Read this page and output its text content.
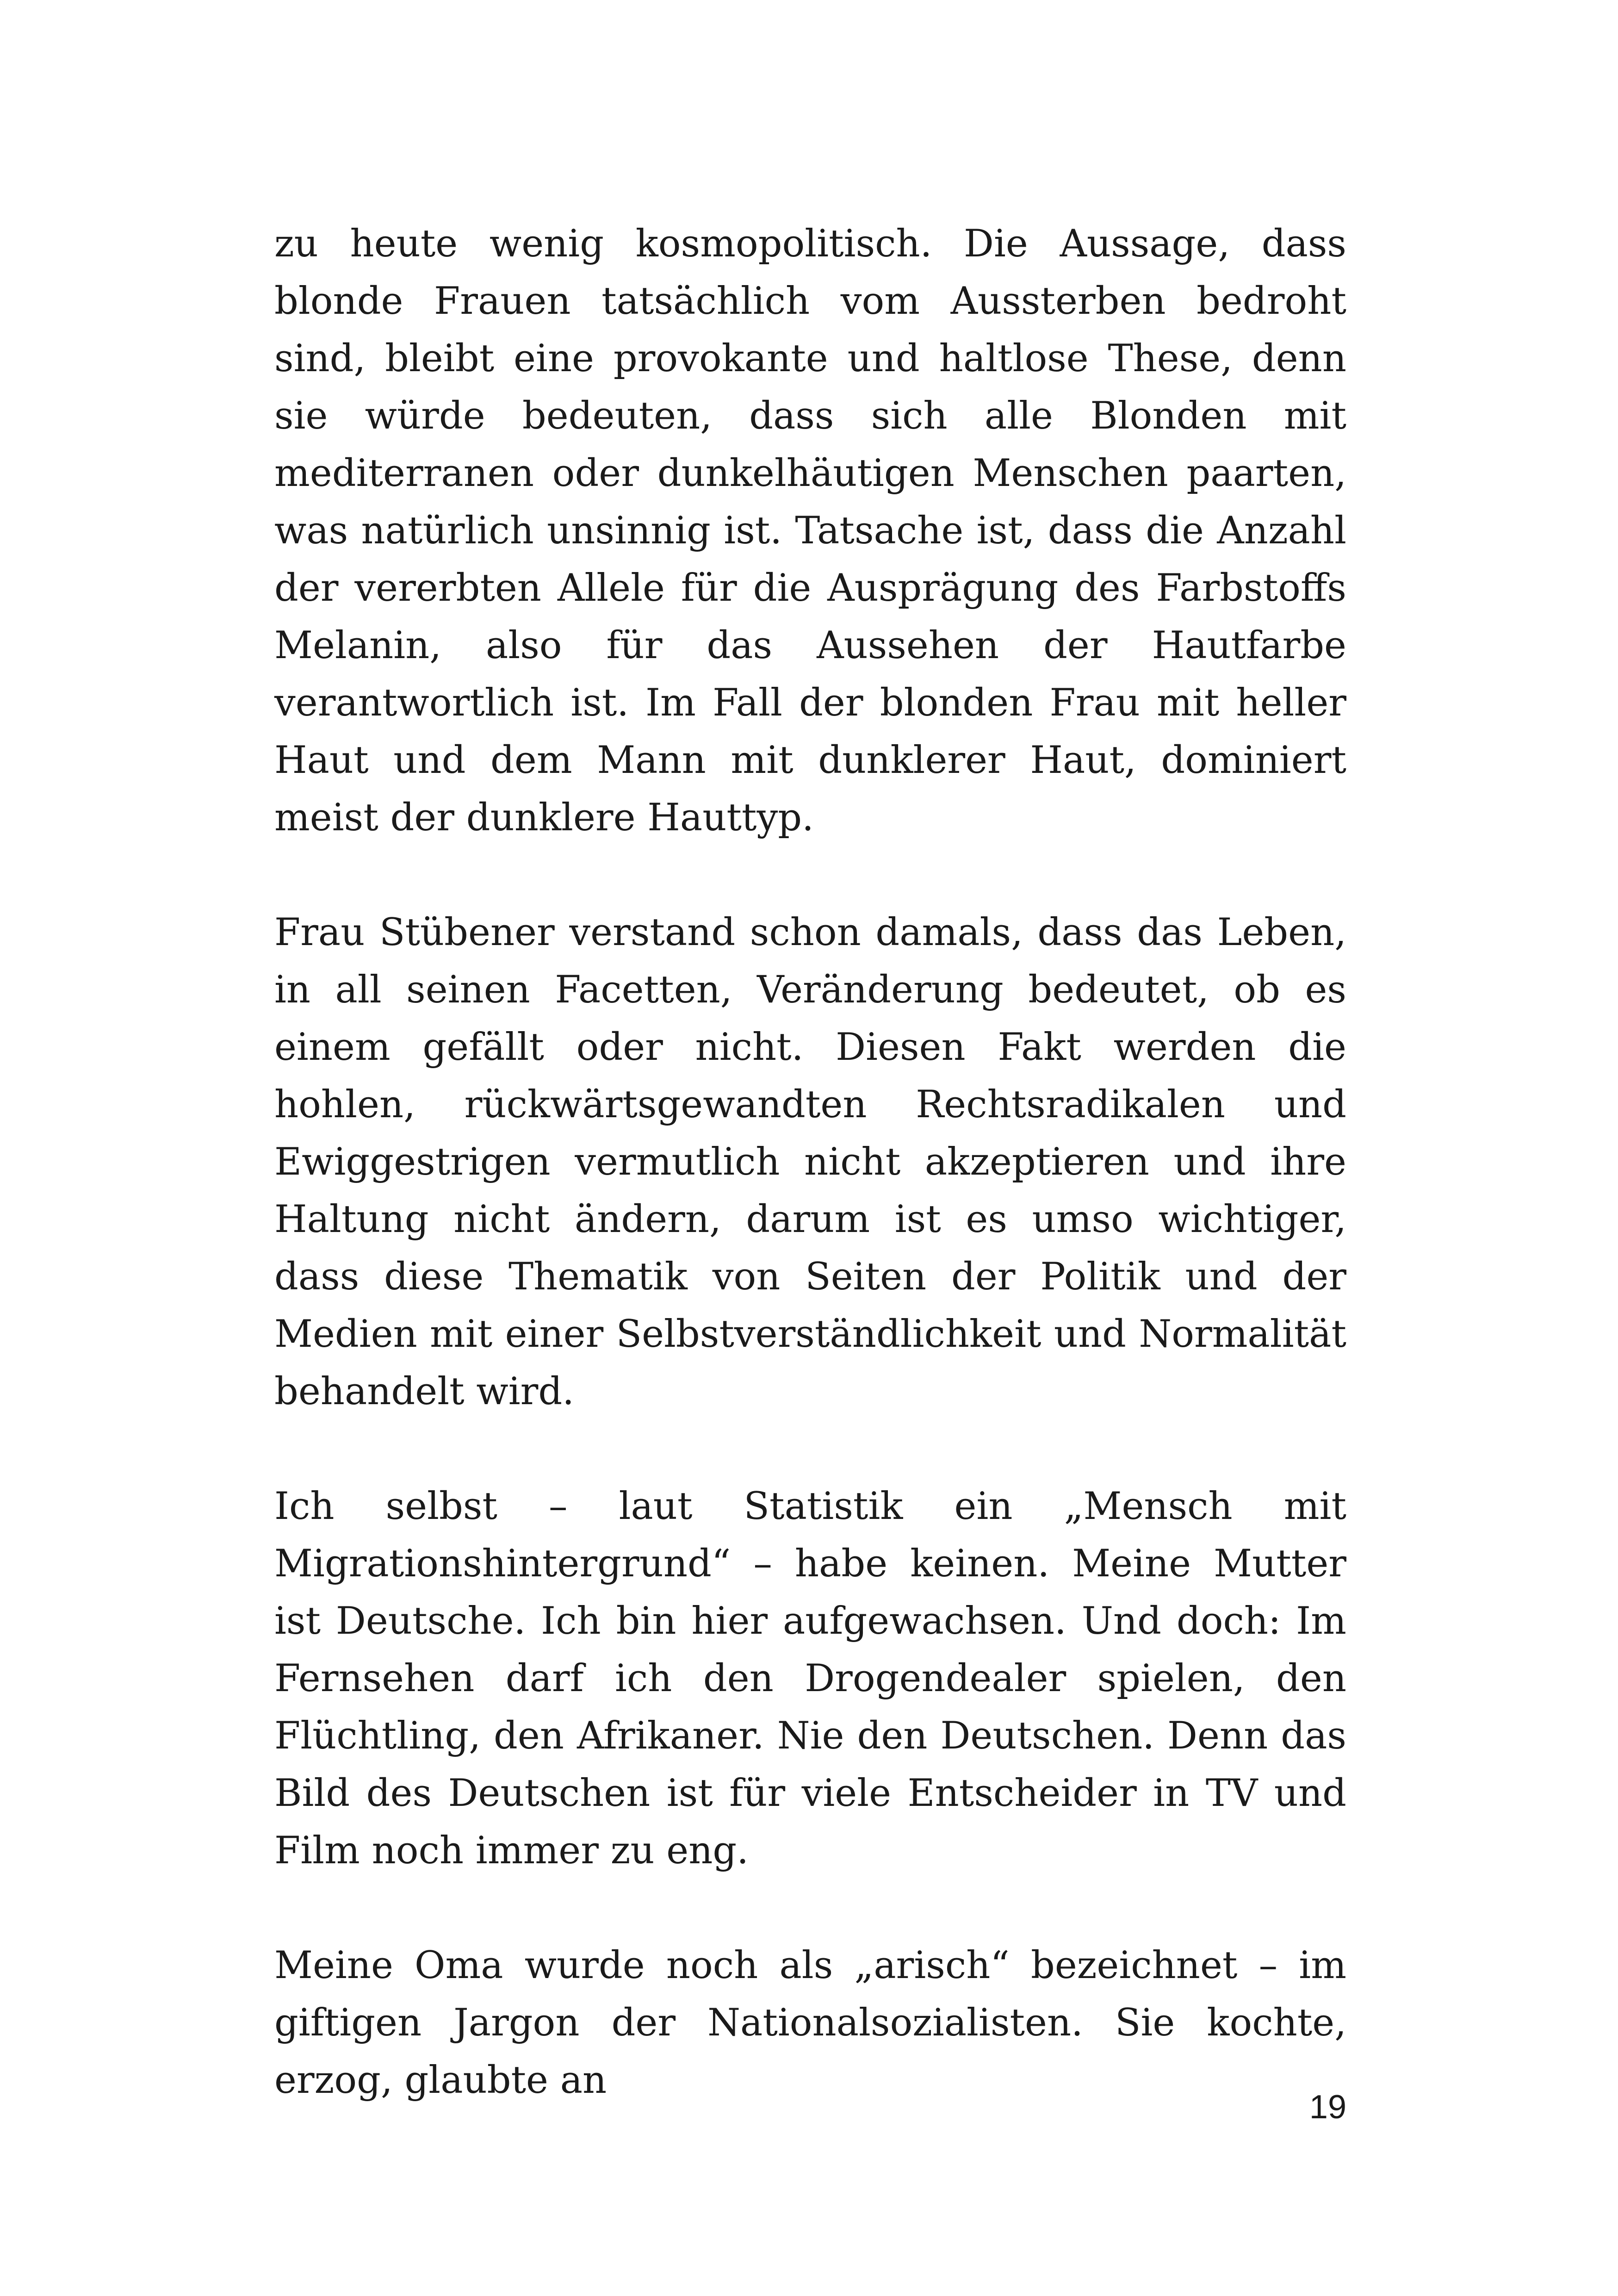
zu heute wenig kosmopolitisch. Die Aussage, dass blonde Frauen tatsächlich vom Aussterben bedroht sind, bleibt eine provokante und haltlose These, denn sie würde bedeuten, dass sich alle Blonden mit mediterranen oder dunkelhäutigen Menschen paarten, was natürlich unsinnig ist. Tatsache ist, dass die Anzahl der vererbten Allele für die Ausprägung des Farbstoffs Melanin, also für das Aussehen der Hautfarbe verantwortlich ist. Im Fall der blonden Frau mit heller Haut und dem Mann mit dunklerer Haut, dominiert meist der dunklere Hauttyp.

Frau Stübener verstand schon damals, dass das Leben, in all seinen Facetten, Veränderung bedeutet, ob es einem gefällt oder nicht. Diesen Fakt werden die hohlen, rückwärtsgewandten Rechtsradikalen und Ewiggestrigen vermutlich nicht akzeptieren und ihre Haltung nicht ändern, darum ist es umso wichtiger, dass diese Thematik von Seiten der Politik und der Medien mit einer Selbstverständlichkeit und Normalität behandelt wird.

Ich selbst – laut Statistik ein „Mensch mit Migrationshintergrund“ – habe keinen. Meine Mutter ist Deutsche. Ich bin hier aufgewachsen. Und doch: Im Fernsehen darf ich den Drogendealer spielen, den Flüchtling, den Afrikaner. Nie den Deutschen. Denn das Bild des Deutschen ist für viele Entscheider in TV und Film noch immer zu eng.

Meine Oma wurde noch als „arisch“ bezeichnet – im giftigen Jargon der Nationalsozialisten. Sie kochte, erzog, glaubte an

19
